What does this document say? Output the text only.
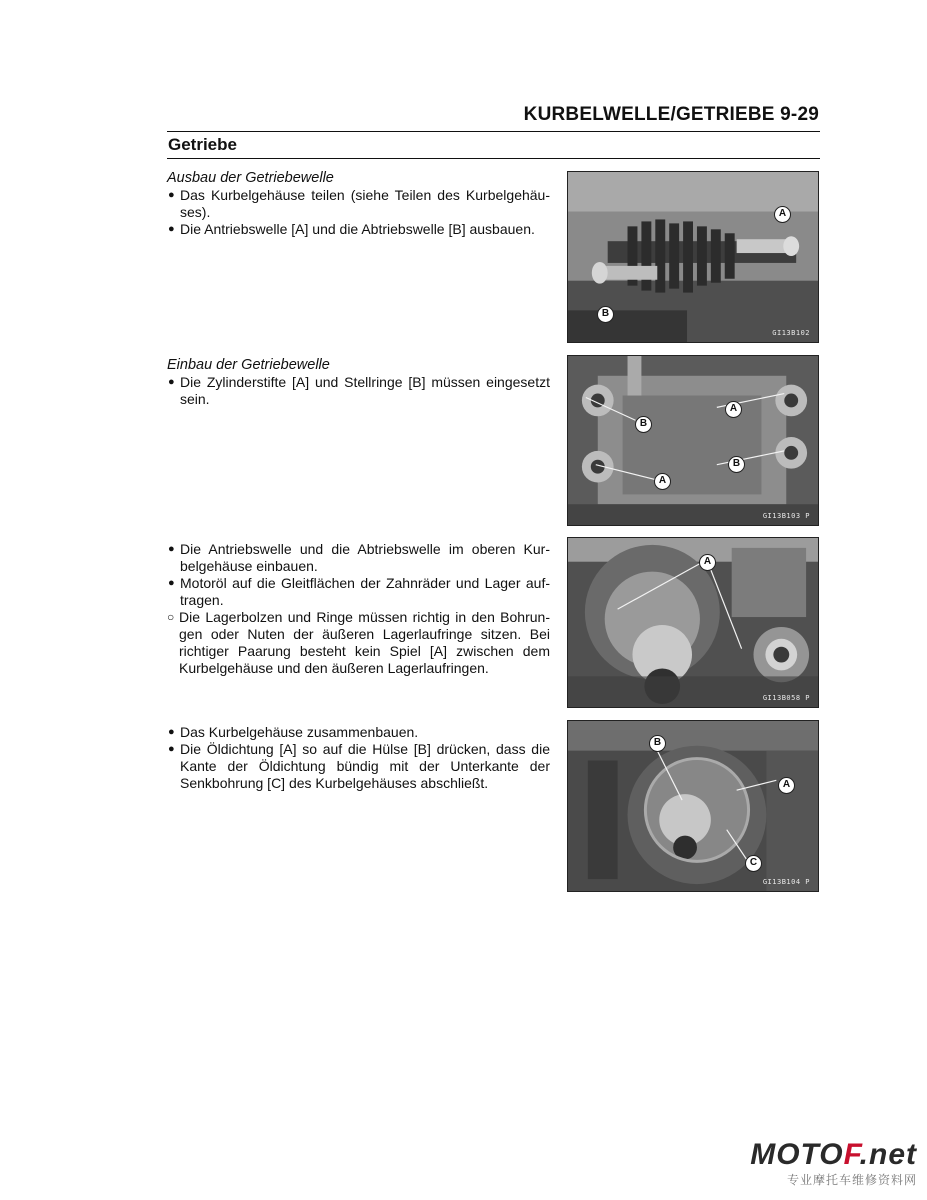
KURBELWELLE/GETRIEBE 9-29
Getriebe
Ausbau der Getriebewelle
● Das Kurbelgehäuse teilen (siehe Teilen des Kurbelgehäu-ses).
● Die Antriebswelle [A] und die Abtriebswelle [B] ausbauen.
Einbau der Getriebewelle
● Die Zylinderstifte [A] und Stellringe [B] müssen eingesetzt sein.
● Die Antriebswelle und die Abtriebswelle im oberen Kur-belgehäuse einbauen.
● Motoröl auf die Gleitflächen der Zahnräder und Lager auf-tragen.
○ Die Lagerbolzen und Ringe müssen richtig in den Bohrun-gen oder Nuten der äußeren Lagerlaufringe sitzen. Bei richtiger Paarung besteht kein Spiel [A] zwischen dem Kurbelgehäuse und den äußeren Lagerlaufringen.
● Das Kurbelgehäuse zusammenbauen.
● Die Öldichtung [A] so auf die Hülse [B] drücken, dass die Kante der Öldichtung bündig mit der Unterkante der Senkbohrung [C] des Kurbelgehäuses abschließt.
A
B
GI13B102
B
A
B
A
GI13B103 P
A
GI13B058 P
B
A
C
GI13B104 P
MOTOF.net
专业摩托车维修资料网
